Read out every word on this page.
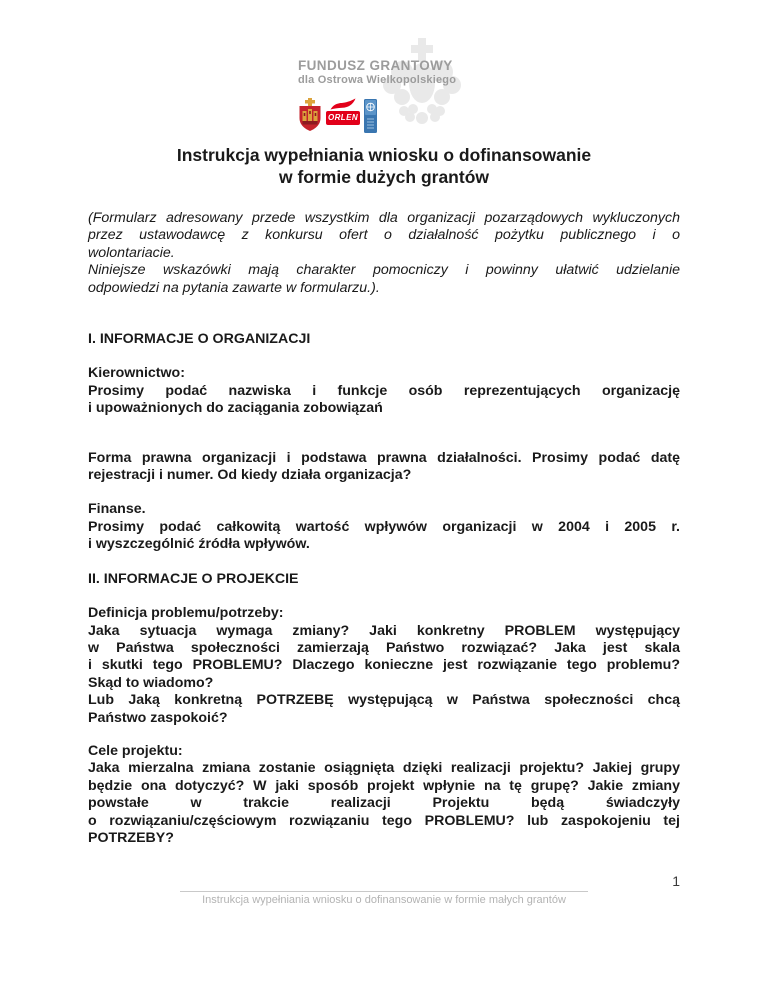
FUNDUSZ GRANTOWY
dla Ostrowa Wielkopolskiego
ORLEN
Instrukcja wypełniania wniosku o dofinansowanie
w formie dużych grantów
(Formularz adresowany przede wszystkim dla organizacji pozarządowych wykluczonych
przez ustawodawcę z konkursu ofert o działalność pożytku publicznego i o
wolontariacie.
Niniejsze wskazówki mają charakter pomocniczy i powinny ułatwić udzielanie
odpowiedzi na pytania zawarte w formularzu.).
I. INFORMACJE O ORGANIZACJI
Kierownictwo:
Prosimy podać nazwiska i funkcje osób reprezentujących organizację
i upoważnionych do zaciągania zobowiązań
Forma prawna organizacji i podstawa prawna działalności. Prosimy podać datę
rejestracji i numer. Od kiedy działa organizacja?
Finanse.
Prosimy podać całkowitą wartość wpływów organizacji w 2004 i 2005 r.
i wyszczególnić źródła wpływów.
II. INFORMACJE O PROJEKCIE
Definicja problemu/potrzeby:
Jaka sytuacja wymaga zmiany? Jaki konkretny PROBLEM występujący
w Państwa społeczności zamierzają Państwo rozwiązać? Jaka jest skala
i skutki tego PROBLEMU? Dlaczego konieczne jest rozwiązanie tego problemu?
Skąd to wiadomo?
Lub Jaką konkretną POTRZEBĘ występującą w Państwa społeczności chcą
Państwo zaspokoić?
Cele projektu:
Jaka mierzalna zmiana zostanie osiągnięta dzięki realizacji projektu? Jakiej grupy
będzie ona dotyczyć? W jaki sposób projekt wpłynie na tę grupę? Jakie zmiany
powstałe w trakcie realizacji Projektu będą świadczyły
o rozwiązaniu/częściowym rozwiązaniu tego PROBLEMU? lub zaspokojeniu tej
POTRZEBY?
Instrukcja wypełniania wniosku o dofinansowanie w formie małych grantów
1
